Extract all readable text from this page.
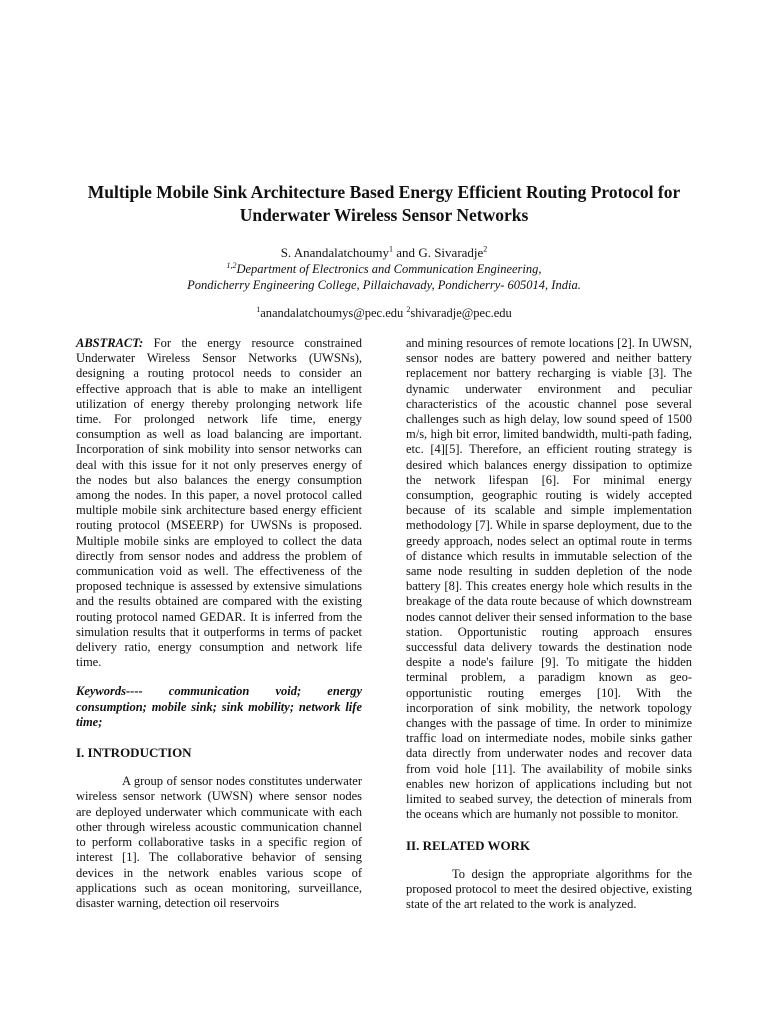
Multiple Mobile Sink Architecture Based Energy Efficient Routing Protocol for Underwater Wireless Sensor Networks
S. Anandalatchoumy$^1$ and G. Sivaradje$^2$
$^{1,2}$Department of Electronics and Communication Engineering,
Pondicherry Engineering College, Pillaichavady, Pondicherry- 605014, India.
$^1$anandalatchoumys@pec.edu $^2$shivaradje@pec.edu

ABSTRACT: For the energy resource constrained Underwater Wireless Sensor Networks (UWSNs), designing a routing protocol needs to consider an effective approach that is able to make an intelligent utilization of energy thereby prolonging network life time. For prolonged network life time, energy consumption as well as load balancing are important. Incorporation of sink mobility into sensor networks can deal with this issue for it not only preserves energy of the nodes but also balances the energy consumption among the nodes. In this paper, a novel protocol called multiple mobile sink architecture based energy efficient routing protocol (MSEERP) for UWSNs is proposed. Multiple mobile sinks are employed to collect the data directly from sensor nodes and address the problem of communication void as well. The effectiveness of the proposed technique is assessed by extensive simulations and the results obtained are compared with the existing routing protocol named GEDAR. It is inferred from the simulation results that it outperforms in terms of packet delivery ratio, energy consumption and network life time.

Keywords---- communication void; energy consumption; mobile sink; sink mobility; network life time;

I. INTRODUCTION

A group of sensor nodes constitutes underwater wireless sensor network (UWSN) where sensor nodes are deployed underwater which communicate with each other through wireless acoustic communication channel to perform collaborative tasks in a specific region of interest [1]. The collaborative behavior of sensing devices in the network enables various scope of applications such as ocean monitoring, surveillance, disaster warning, detection oil reservoirs

and mining resources of remote locations [2]. In UWSN, sensor nodes are battery powered and neither battery replacement nor battery recharging is viable [3]. The dynamic underwater environment and peculiar characteristics of the acoustic channel pose several challenges such as high delay, low sound speed of 1500 m/s, high bit error, limited bandwidth, multi-path fading, etc. [4][5]. Therefore, an efficient routing strategy is desired which balances energy dissipation to optimize the network lifespan [6]. For minimal energy consumption, geographic routing is widely accepted because of its scalable and simple implementation methodology [7]. While in sparse deployment, due to the greedy approach, nodes select an optimal route in terms of distance which results in immutable selection of the same node resulting in sudden depletion of the node battery [8]. This creates energy hole which results in the breakage of the data route because of which downstream nodes cannot deliver their sensed information to the base station. Opportunistic routing approach ensures successful data delivery towards the destination node despite a node's failure [9]. To mitigate the hidden terminal problem, a paradigm known as geo-opportunistic routing emerges [10]. With the incorporation of sink mobility, the network topology changes with the passage of time. In order to minimize traffic load on intermediate nodes, mobile sinks gather data directly from underwater nodes and recover data from void hole [11]. The availability of mobile sinks enables new horizon of applications including but not limited to seabed survey, the detection of minerals from the oceans which are humanly not possible to monitor.

II. RELATED WORK

To design the appropriate algorithms for the proposed protocol to meet the desired objective, existing state of the art related to the work is analyzed.
